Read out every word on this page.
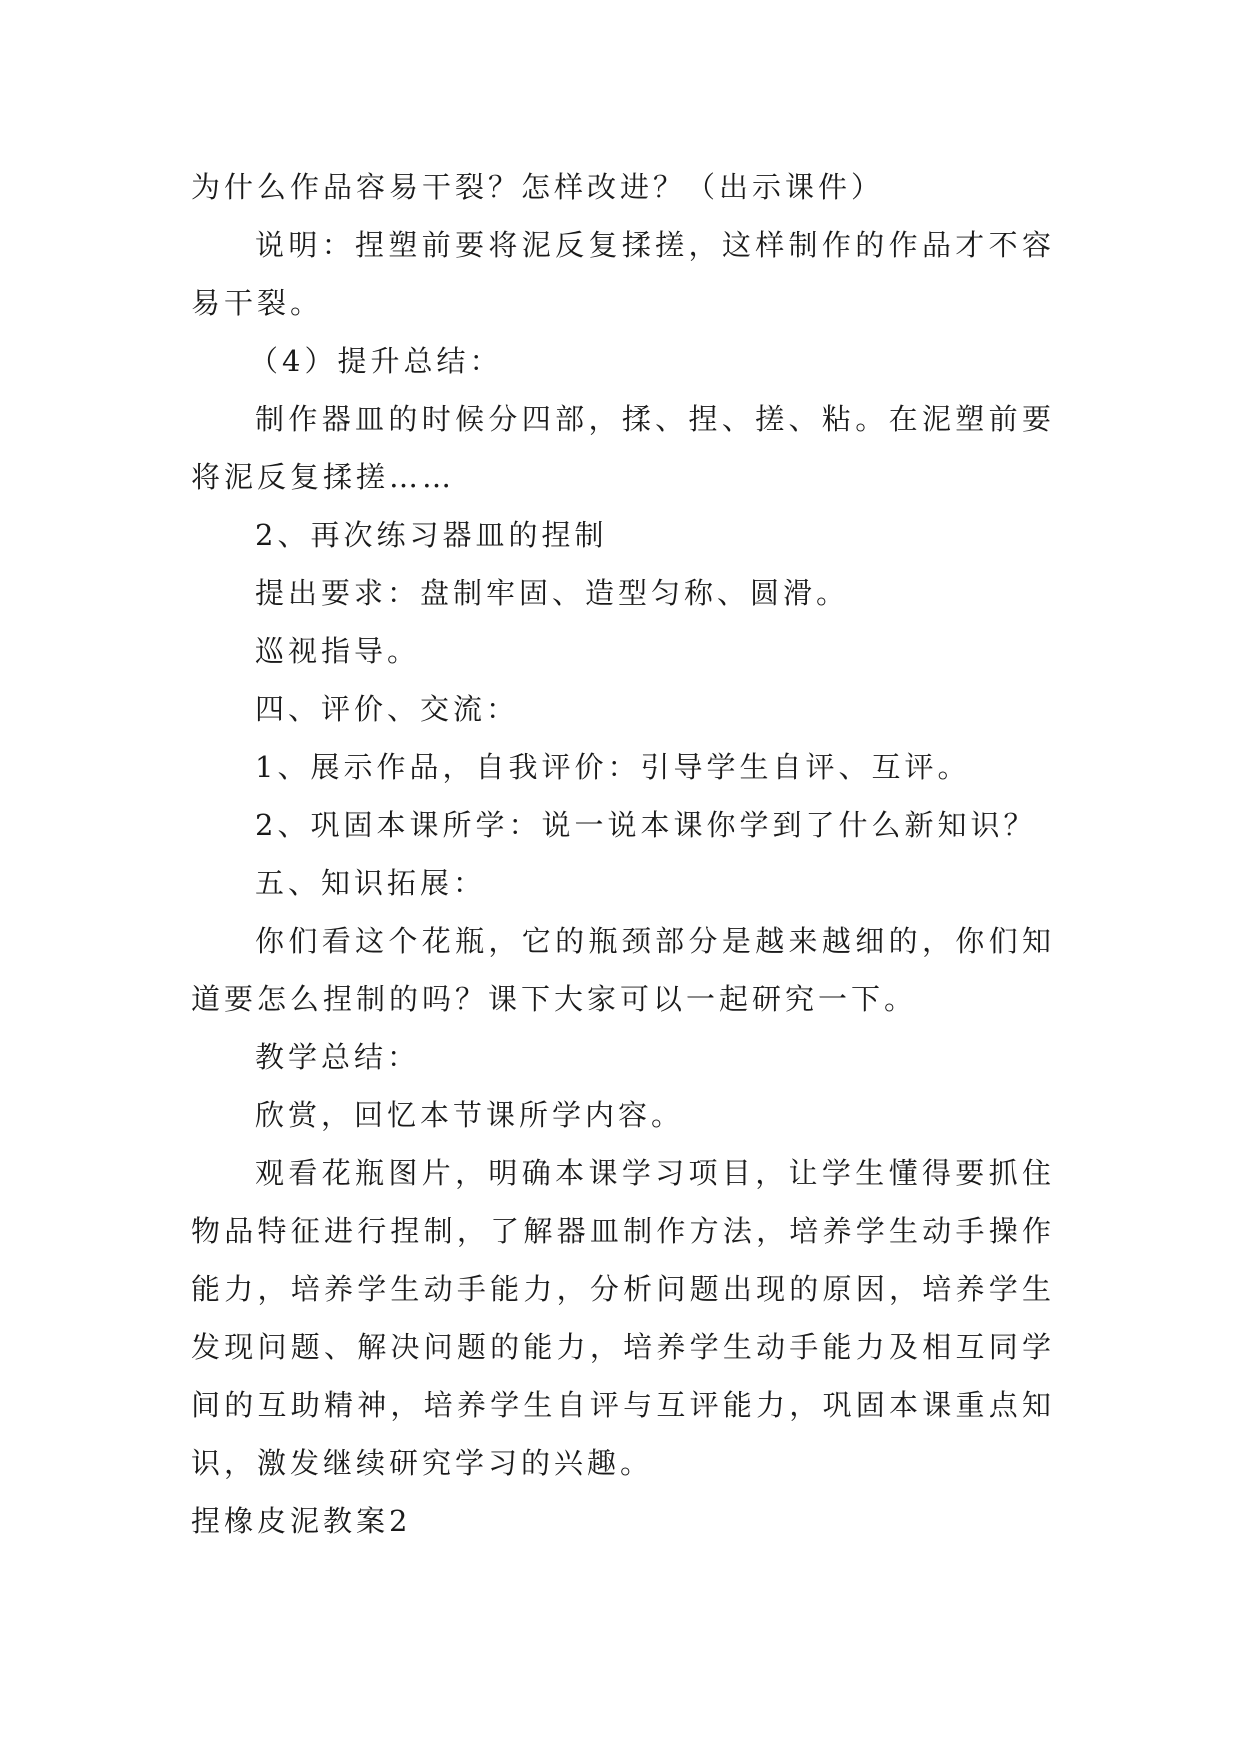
为什么作品容易干裂？怎样改进？（出示课件）

说明：捏塑前要将泥反复揉搓，这样制作的作品才不容易干裂。

（4）提升总结：

制作器皿的时候分四部，揉、捏、搓、粘。在泥塑前要将泥反复揉搓……

2、再次练习器皿的捏制

提出要求：盘制牢固、造型匀称、圆滑。

巡视指导。

四、评价、交流：

1、展示作品，自我评价：引导学生自评、互评。

2、巩固本课所学：说一说本课你学到了什么新知识？

五、知识拓展：

你们看这个花瓶，它的瓶颈部分是越来越细的，你们知道要怎么捏制的吗？课下大家可以一起研究一下。

教学总结：

欣赏，回忆本节课所学内容。

观看花瓶图片，明确本课学习项目，让学生懂得要抓住物品特征进行捏制，了解器皿制作方法，培养学生动手操作能力，培养学生动手能力，分析问题出现的原因，培养学生发现问题、解决问题的能力，培养学生动手能力及相互同学间的互助精神，培养学生自评与互评能力，巩固本课重点知识，激发继续研究学习的兴趣。

捏橡皮泥教案2
